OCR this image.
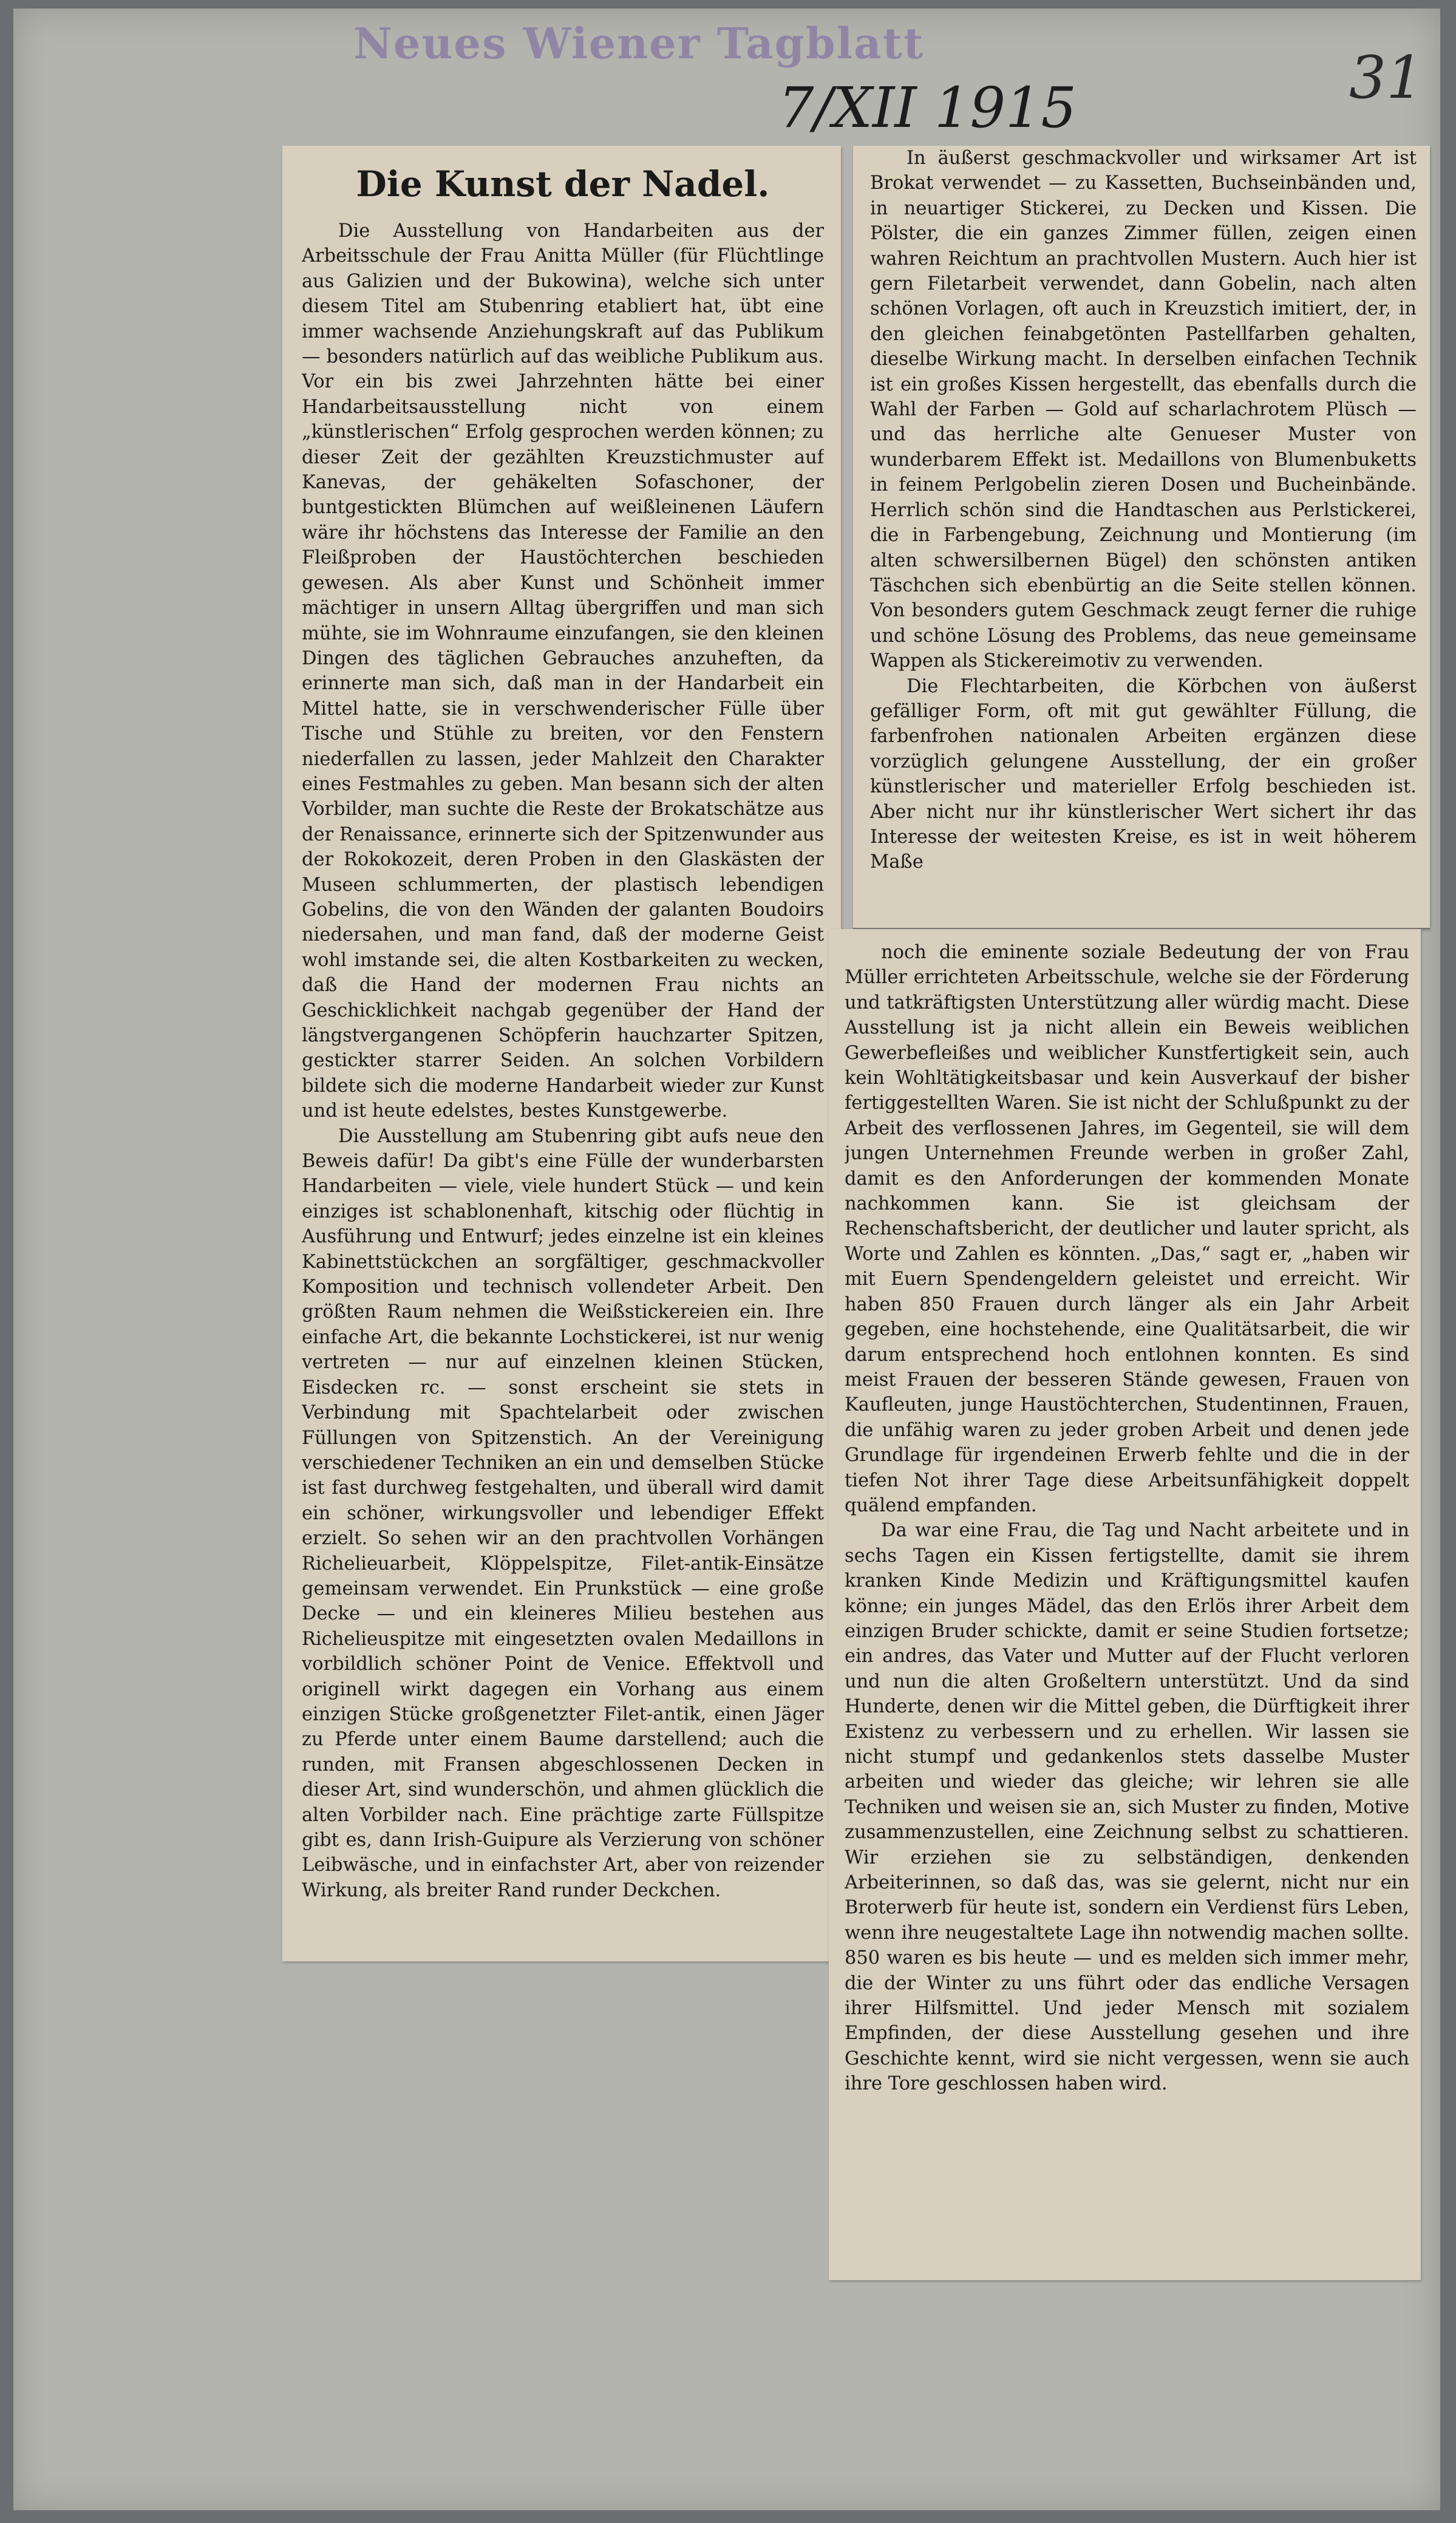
Neues Wiener Tagblatt
7/XII 1915	31
Die Kunst der Nadel.

Die Ausstellung von Handarbeiten aus der Arbeitsschule der Frau Anitta Müller (für Flüchtlinge aus Galizien und der Bukowina), welche sich unter diesem Titel am Stubenring etabliert hat, übt eine immer wachsende Anziehungskraft auf das Publikum — besonders natürlich auf das weibliche Publikum aus. Vor ein bis zwei Jahrzehnten hätte bei einer Handarbeitsausstellung nicht von einem „künstlerischen“ Erfolg gesprochen werden können; zu dieser Zeit der gezählten Kreuzstichmuster auf Kanevas, der gehäkelten Sofaschoner, der buntgestickten Blümchen auf weißleinenen Läufern wäre ihr höchstens das Interesse der Familie an den Fleißproben der Haustöchterchen beschieden gewesen. Als aber Kunst und Schönheit immer mächtiger in unsern Alltag übergriffen und man sich mühte, sie im Wohnraume einzufangen, sie den kleinen Dingen des täglichen Gebrauches anzuheften, da erinnerte man sich, daß man in der Handarbeit ein Mittel hatte, sie in verschwenderischer Fülle über Tische und Stühle zu breiten, vor den Fenstern niederfallen zu lassen, jeder Mahlzeit den Charakter eines Festmahles zu geben. Man besann sich der alten Vorbilder, man suchte die Reste der Brokatschätze aus der Renaissance, erinnerte sich der Spitzenwunder aus der Rokokozeit, deren Proben in den Glaskästen der Museen schlummerten, der plastisch lebendigen Gobelins, die von den Wänden der galanten Boudoirs niedersahen, und man fand, daß der moderne Geist wohl imstande sei, die alten Kostbarkeiten zu wecken, daß die Hand der modernen Frau nichts an Geschicklichkeit nachgab gegenüber der Hand der längstvergangenen Schöpferin hauchzarter Spitzen, gestickter starrer Seiden. An solchen Vorbildern bildete sich die moderne Handarbeit wieder zur Kunst und ist heute edelstes, bestes Kunstgewerbe.

Die Ausstellung am Stubenring gibt aufs neue den Beweis dafür! Da gibt's eine Fülle der wunderbarsten Handarbeiten — viele, viele hundert Stück — und kein einziges ist schablonenhaft, kitschig oder flüchtig in Ausführung und Entwurf; jedes einzelne ist ein kleines Kabinettstückchen an sorgfältiger, geschmackvoller Komposition und technisch vollendeter Arbeit. Den größten Raum nehmen die Weißstickereien ein. Ihre einfache Art, die bekannte Lochstickerei, ist nur wenig vertreten — nur auf einzelnen kleinen Stücken, Eisdecken rc. — sonst erscheint sie stets in Verbindung mit Spachtelarbeit oder zwischen Füllungen von Spitzenstich. An der Vereinigung verschiedener Techniken an ein und demselben Stücke ist fast durchweg festgehalten, und überall wird damit ein schöner, wirkungsvoller und lebendiger Effekt erzielt. So sehen wir an den prachtvollen Vorhängen Richelieuarbeit, Klöppelspitze, Filet-antik-Einsätze gemeinsam verwendet. Ein Prunkstück — eine große Decke — und ein kleineres Milieu bestehen aus Richelieuspitze mit eingesetzten ovalen Medaillons in vorbildlich schöner Point de Venice. Effektvoll und originell wirkt dagegen ein Vorhang aus einem einzigen Stücke großgenetzter Filet-antik, einen Jäger zu Pferde unter einem Baume darstellend; auch die runden, mit Fransen abgeschlossenen Decken in dieser Art, sind wunderschön, und ahmen glücklich die alten Vorbilder nach. Eine prächtige zarte Füllspitze gibt es, dann Irish-Guipure als Verzierung von schöner Leibwäsche, und in einfachster Art, aber von reizender Wirkung, als breiter Rand runder Deckchen.

In äußerst geschmackvoller und wirksamer Art ist Brokat verwendet — zu Kassetten, Buchseinbänden und, in neuartiger Stickerei, zu Decken und Kissen. Die Pölster, die ein ganzes Zimmer füllen, zeigen einen wahren Reichtum an prachtvollen Mustern. Auch hier ist gern Filetarbeit verwendet, dann Gobelin, nach alten schönen Vorlagen, oft auch in Kreuzstich imitiert, der, in den gleichen feinabgetönten Pastellfarben gehalten, dieselbe Wirkung macht. In derselben einfachen Technik ist ein großes Kissen hergestellt, das ebenfalls durch die Wahl der Farben — Gold auf scharlachrotem Plüsch — und das herrliche alte Genueser Muster von wunderbarem Effekt ist. Medaillons von Blumenbuketts in feinem Perlgobelin zieren Dosen und Bucheinbände. Herrlich schön sind die Handtaschen aus Perlstickerei, die in Farbengebung, Zeichnung und Montierung (im alten schwersilbernen Bügel) den schönsten antiken Täschchen sich ebenbürtig an die Seite stellen können. Von besonders gutem Geschmack zeugt ferner die ruhige und schöne Lösung des Problems, das neue gemeinsame Wappen als Stickereimotiv zu verwenden.

Die Flechtarbeiten, die Körbchen von äußerst gefälliger Form, oft mit gut gewählter Füllung, die farbenfrohen nationalen Arbeiten ergänzen diese vorzüglich gelungene Ausstellung, der ein großer künstlerischer und materieller Erfolg beschieden ist. Aber nicht nur ihr künstlerischer Wert sichert ihr das Interesse der weitesten Kreise, es ist in weit höherem Maße

noch die eminente soziale Bedeutung der von Frau Müller errichteten Arbeitsschule, welche sie der Förderung und tatkräftigsten Unterstützung aller würdig macht. Diese Ausstellung ist ja nicht allein ein Beweis weiblichen Gewerbefleißes und weiblicher Kunstfertigkeit sein, auch kein Wohltätigkeitsbasar und kein Ausverkauf der bisher fertiggestellten Waren. Sie ist nicht der Schlußpunkt zu der Arbeit des verflossenen Jahres, im Gegenteil, sie will dem jungen Unternehmen Freunde werben in großer Zahl, damit es den Anforderungen der kommenden Monate nachkommen kann. Sie ist gleichsam der Rechenschaftsbericht, der deutlicher und lauter spricht, als Worte und Zahlen es könnten. „Das,“ sagt er, „haben wir mit Euern Spendengeldern geleistet und erreicht. Wir haben 850 Frauen durch länger als ein Jahr Arbeit gegeben, eine hochstehende, eine Qualitätsarbeit, die wir darum entsprechend hoch entlohnen konnten. Es sind meist Frauen der besseren Stände gewesen, Frauen von Kaufleuten, junge Haustöchterchen, Studentinnen, Frauen, die unfähig waren zu jeder groben Arbeit und denen jede Grundlage für irgendeinen Erwerb fehlte und die in der tiefen Not ihrer Tage diese Arbeitsunfähigkeit doppelt quälend empfanden.

Da war eine Frau, die Tag und Nacht arbeitete und in sechs Tagen ein Kissen fertigstellte, damit sie ihrem kranken Kinde Medizin und Kräftigungsmittel kaufen könne; ein junges Mädel, das den Erlös ihrer Arbeit dem einzigen Bruder schickte, damit er seine Studien fortsetze; ein andres, das Vater und Mutter auf der Flucht verloren und nun die alten Großeltern unterstützt. Und da sind Hunderte, denen wir die Mittel geben, die Dürftigkeit ihrer Existenz zu verbessern und zu erhellen. Wir lassen sie nicht stumpf und gedankenlos stets dasselbe Muster arbeiten und wieder das gleiche; wir lehren sie alle Techniken und weisen sie an, sich Muster zu finden, Motive zusammenzustellen, eine Zeichnung selbst zu schattieren. Wir erziehen sie zu selbständigen, denkenden Arbeiterinnen, so daß das, was sie gelernt, nicht nur ein Broterwerb für heute ist, sondern ein Verdienst fürs Leben, wenn ihre neugestaltete Lage ihn notwendig machen sollte. 850 waren es bis heute — und es melden sich immer mehr, die der Winter zu uns führt oder das endliche Versagen ihrer Hilfsmittel. Und jeder Mensch mit sozialem Empfinden, der diese Ausstellung gesehen und ihre Geschichte kennt, wird sie nicht vergessen, wenn sie auch ihre Tore geschlossen haben wird.
